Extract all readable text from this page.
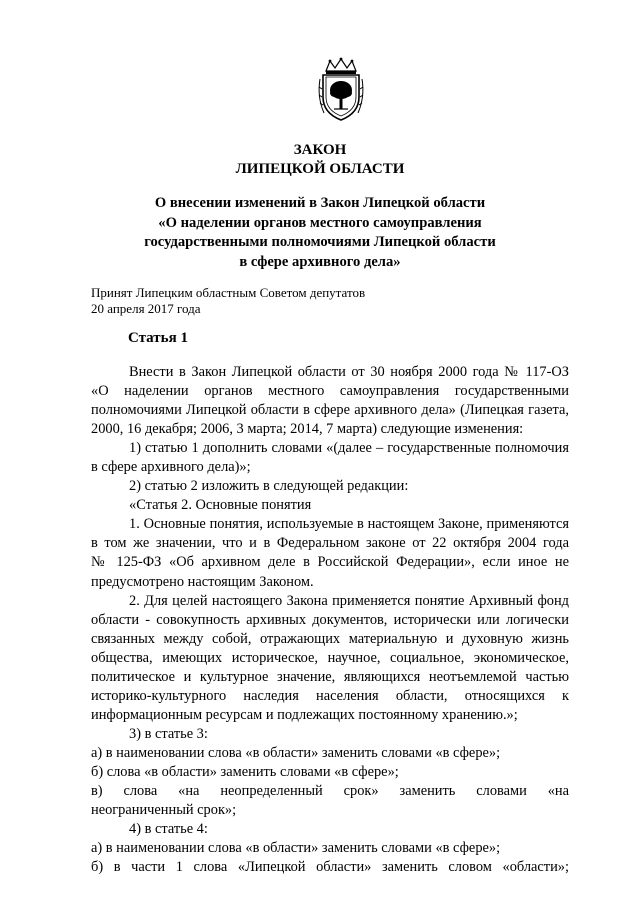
ЗАКОН
ЛИПЕЦКОЙ ОБЛАСТИ
О внесении изменений в Закон Липецкой области
«О наделении органов местного самоуправления
государственными полномочиями Липецкой области
в сфере архивного дела»
Принят Липецким областным Советом депутатов
20 апреля 2017 года
Статья 1
Внести в Закон Липецкой области от 30 ноября 2000 года № 117-ОЗ
«О наделении органов местного самоуправления государственными
полномочиями Липецкой области в сфере архивного дела» (Липецкая газета,
2000, 16 декабря; 2006, 3 марта; 2014, 7 марта) следующие изменения:
1) статью 1 дополнить словами «(далее – государственные полномочия
в сфере архивного дела)»;
2) статью 2 изложить в следующей редакции:
«Статья 2. Основные понятия
1. Основные понятия, используемые в настоящем Законе, применяются
в том же значении, что и в Федеральном законе от 22 октября 2004 года
№ 125-ФЗ «Об архивном деле в Российской Федерации», если иное не
предусмотрено настоящим Законом.
2. Для целей настоящего Закона применяется понятие Архивный фонд
области - совокупность архивных документов, исторически или логически
связанных между собой, отражающих материальную и духовную жизнь
общества, имеющих историческое, научное, социальное, экономическое,
политическое и культурное значение, являющихся неотъемлемой частью
историко-культурного наследия населения области, относящихся к
информационным ресурсам и подлежащих постоянному хранению.»;
3) в статье 3:
а) в наименовании слова «в области» заменить словами «в сфере»;
б) слова «в области» заменить словами «в сфере»;
в) слова «на неопределенный срок» заменить словами «на
неограниченный срок»;
4) в статье 4:
а) в наименовании слова «в области» заменить словами «в сфере»;
б) в части 1 слова «Липецкой области» заменить словом «области»;
